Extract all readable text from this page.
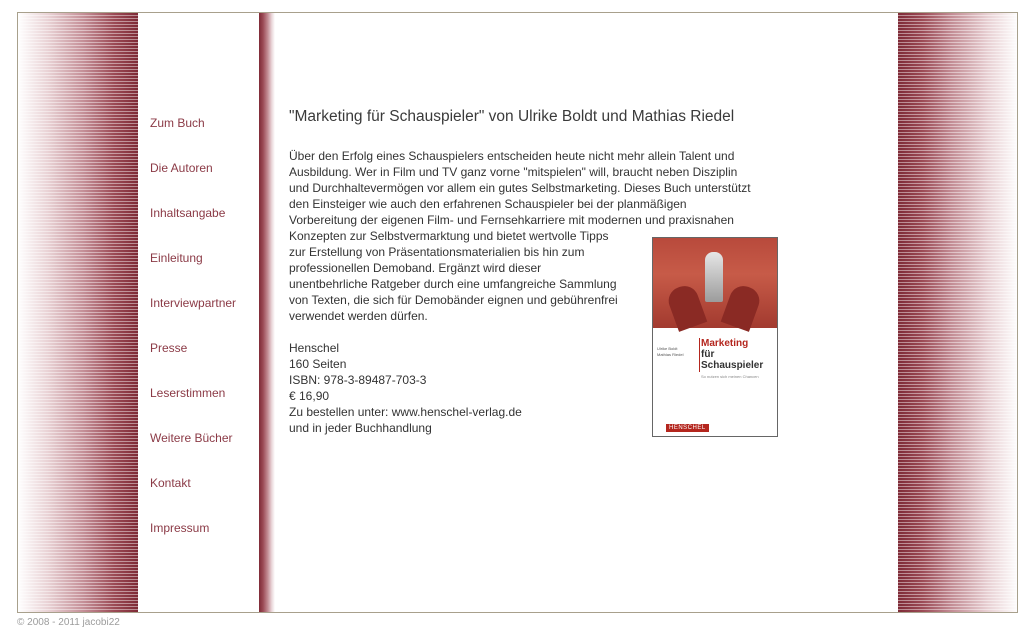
Zum Buch
Die Autoren
Inhaltsangabe
Einleitung
Interviewpartner
Presse
Leserstimmen
Weitere Bücher
Kontakt
Impressum
"Marketing für Schauspieler" von Ulrike Boldt und Mathias Riedel
Über den Erfolg eines Schauspielers entscheiden heute nicht mehr allein Talent und
Ausbildung. Wer in Film und TV ganz vorne "mitspielen" will, braucht neben Disziplin
und Durchhaltevermögen vor allem ein gutes Selbstmarketing. Dieses Buch unterstützt
den Einsteiger wie auch den erfahrenen Schauspieler bei der planmäßigen
Vorbereitung der eigenen Film- und Fernsehkarriere mit modernen und praxisnahen
Konzepten zur Selbstvermarktung und bietet wertvolle Tipps
zur Erstellung von Präsentationsmaterialien bis hin zum
professionellen Demoband. Ergänzt wird dieser
unentbehrliche Ratgeber durch eine umfangreiche Sammlung
von Texten, die sich für Demobänder eignen und gebührenfrei
verwendet werden dürfen.
Henschel
160 Seiten
ISBN: 978-3-89487-703-3
€ 16,90
Zu bestellen unter: www.henschel-verlag.de
und in jeder Buchhandlung
Ulrike Boldt
Mathias Riedel
Marketing
für
Schauspieler
So nutzen sich meinen Chancen
HENSCHEL
© 2008 - 2011 jacobi22
